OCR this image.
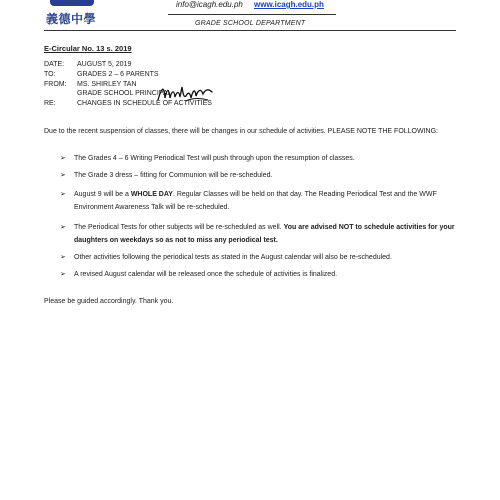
義德中學
info@icagh.edu.ph www.icagh.edu.ph
GRADE SCHOOL DEPARTMENT
E-Circular No. 13 s. 2019
DATE:	AUGUST 5, 2019
TO:	GRADES 2 – 6 PARENTS
FROM:	MS. SHIRLEY TAN
GRADE SCHOOL PRINCIPAL
RE:	CHANGES IN SCHEDULE OF ACTIVITIES
Due to the recent suspension of classes, there will be changes in our schedule of activities. PLEASE NOTE THE FOLLOWING:
➢ The Grades 4 – 6 Writing Periodical Test will push through upon the resumption of classes.
➢ The Grade 3 dress – fitting for Communion will be re-scheduled.
➢ August 9 will be a WHOLE DAY. Regular Classes will be held on that day. The Reading Periodical Test and the WWF Environment Awareness Talk will be re-scheduled.
➢ The Periodical Tests for other subjects will be re-scheduled as well. You are advised NOT to schedule activities for your daughters on weekdays so as not to miss any periodical test.
➢ Other activities following the periodical tests as stated in the August calendar will also be re-scheduled.
➢ A revised August calendar will be released once the schedule of activities is finalized.
Please be guided accordingly. Thank you.
